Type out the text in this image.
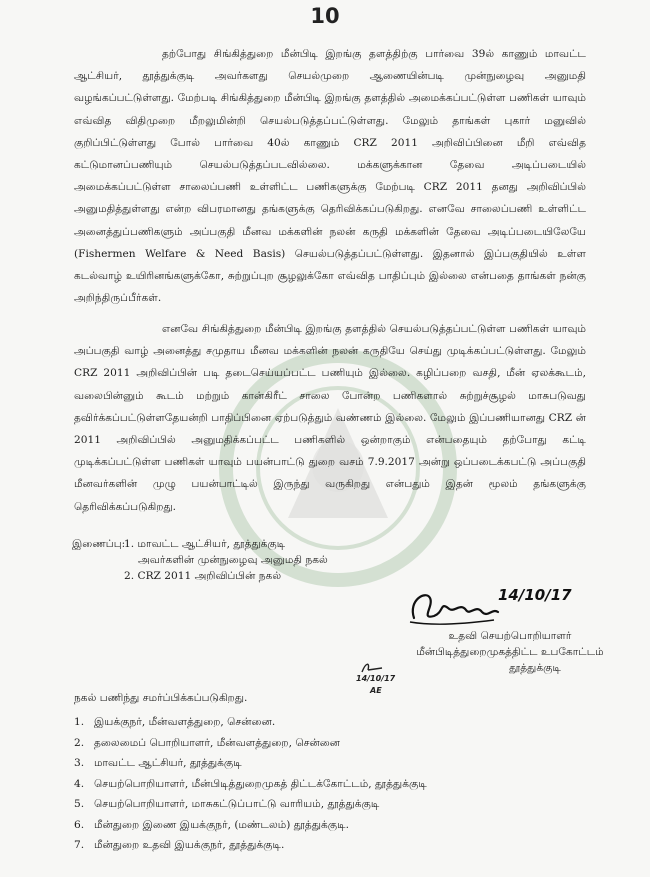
10

தற்போது சிங்கித்துறை மீன்பிடி இறங்கு தளத்திற்கு பார்வை 39ல் காணும் மாவட்ட ஆட்சியர், தூத்துக்குடி அவர்களது செயல்முறை ஆணையின்படி முன்நுழைவு அனுமதி வழங்கப்பட்டுள்ளது. மேற்படி சிங்கித்துறை மீன்பிடி இறங்கு தளத்தில் அமைக்கப்பட்டுள்ள பணிகள் யாவும் எவ்வித விதிமுறை மீறலுமின்றி செயல்படுத்தப்பட்டுள்ளது. மேலும் தாங்கள் புகார் மனுவில் குறிப்பிட்டுள்ளது போல் பார்வை 40ல் காணும் CRZ 2011 அறிவிப்பினை மீறி எவ்வித கட்டுமானப்பணியும் செயல்படுத்தப்படவில்லை. மக்களுக்கான தேவை அடிப்படையில் அமைக்கப்பட்டுள்ள சாலைப்பணி உள்ளிட்ட பணிகளுக்கு மேற்படி CRZ 2011 தனது அறிவிப்பில் அனுமதித்துள்ளது என்ற விபரமானது தங்களுக்கு தெரிவிக்கப்படுகிறது. எனவே சாலைப்பணி உள்ளிட்ட அனைத்துப்பணிகளும் அப்பகுதி மீனவ மக்களின் நலன் கருதி மக்களின் தேவை அடிப்படையிலேயே (Fishermen Welfare & Need Basis) செயல்படுத்தப்பட்டுள்ளது. இதனால் இப்பகுதியில் உள்ள கடல்வாழ் உயிரினங்களுக்கோ, சுற்றுப்புற சூழலுக்கோ எவ்வித பாதிப்பும் இல்லை என்பதை தாங்கள் நன்கு அறிந்திருப்பீர்கள்.

எனவே சிங்கித்துறை மீன்பிடி இறங்கு தளத்தில் செயல்படுத்தப்பட்டுள்ள பணிகள் யாவும் அப்பகுதி வாழ் அனைத்து சமுதாய மீனவ மக்களின் நலன் கருதியே செய்து முடிக்கப்பட்டுள்ளது. மேலும் CRZ 2011 அறிவிப்பின் படி தடைசெய்யப்பட்ட பணியும் இல்லை. கழிப்பறை வசதி, மீன் ஏலக்கூடம், வலைபின்னும் கூடம் மற்றும் கான்கிரீட் சாலை போன்ற பணிகளால் சுற்றுச்சூழல் மாசுபடுவது தவிர்க்கப்பட்டுள்ளதேயன்றி பாதிப்பினை ஏற்படுத்தும் வண்ணம் இல்லை. மேலும் இப்பணியானது CRZ ன் 2011 அறிவிப்பில் அனுமதிக்கப்பட்ட பணிகளில் ஒன்றாகும் என்பதையும் தற்போது கட்டி முடிக்கப்பட்டுள்ள பணிகள் யாவும் பயன்பாட்டு துறை வசம் 7.9.2017 அன்று ஒப்படைக்கபட்டு அப்பகுதி மீனவர்களின் முழு பயன்பாட்டில் இருந்து வருகிறது என்பதும் இதன் மூலம் தங்களுக்கு தெரிவிக்கப்படுகிறது.

இணைப்பு:
1. மாவட்ட ஆட்சியர், தூத்துக்குடி
அவர்களின் முன்நுழைவு அனுமதி நகல்
2. CRZ 2011 அறிவிப்பின் நகல்
14/10/17
உதவி செயற்பொறியாளர்
மீன்பிடித்துறைமுகத்திட்ட உபகோட்டம்
தூத்துக்குடி
14/10/17
AE
நகல் பணிந்து சமர்ப்பிக்கப்படுகிறது.
1. இயக்குநர், மீன்வளத்துறை, சென்னை.
2. தலைமைப் பொறியாளர், மீன்வளத்துறை, சென்னை
3. மாவட்ட ஆட்சியர், தூத்துக்குடி
4. செயற்பொறியாளர், மீன்பிடித்துறைமுகத் திட்டக்கோட்டம், தூத்துக்குடி
5. செயற்பொறியாளர், மாசுகட்டுப்பாட்டு வாரியம், தூத்துக்குடி
6. மீன்துறை இணை இயக்குநர், (மண்டலம்) தூத்துக்குடி.
7. மீன்துறை உதவி இயக்குநர், தூத்துக்குடி.
